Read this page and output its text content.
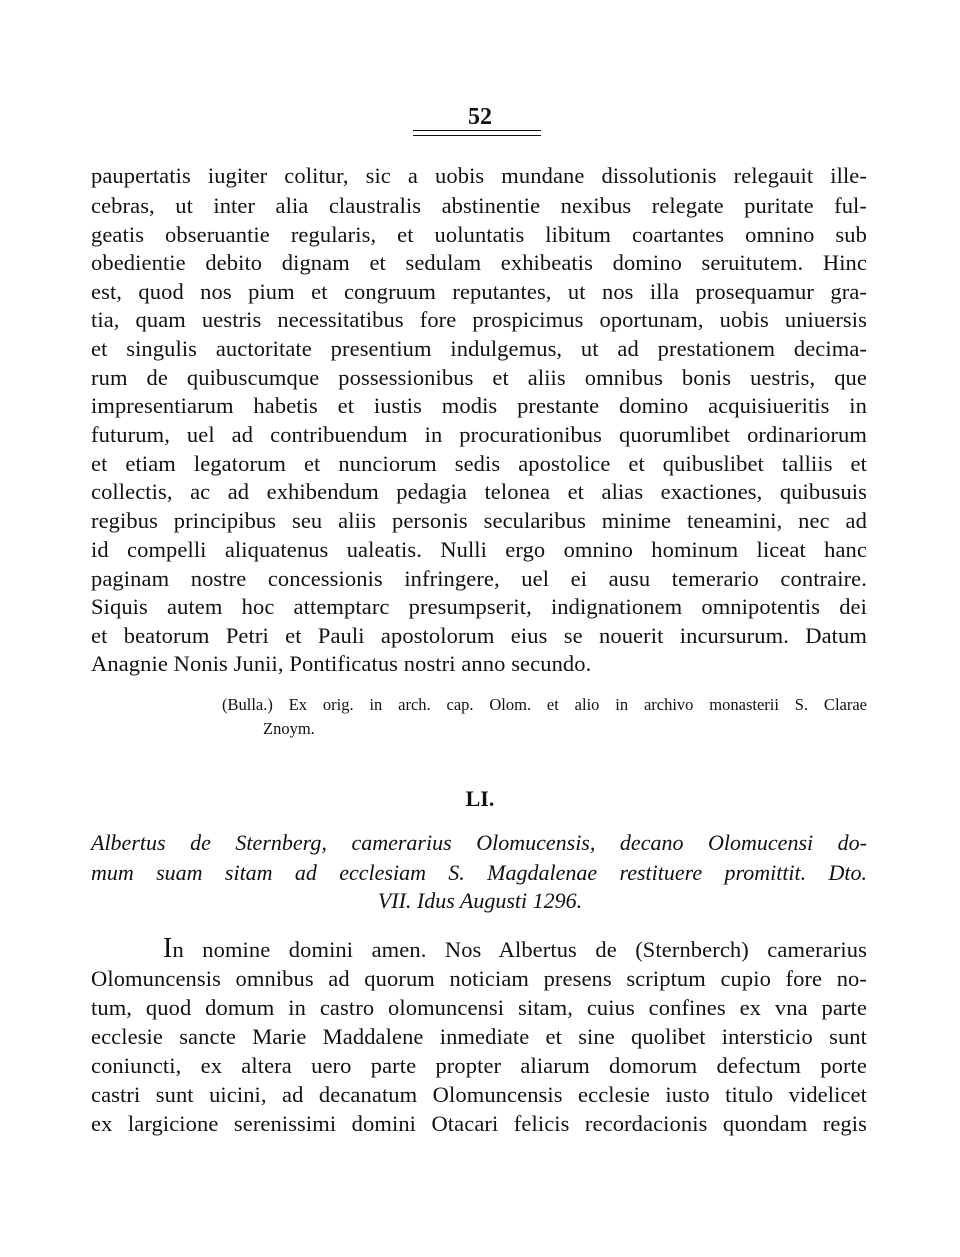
52
paupertatis iugiter colitur, sic a uobis mundane dissolutionis relegauit ille-
cebras, ut inter alia claustralis abstinentie nexibus relegate puritate ful-
geatis obseruantie regularis, et uoluntatis libitum coartantes omnino sub
obedientie debito dignam et sedulam exhibeatis domino seruitutem. Hinc
est, quod nos pium et congruum reputantes, ut nos illa prosequamur gra-
tia, quam uestris necessitatibus fore prospicimus oportunam, uobis uniuersis
et singulis auctoritate presentium indulgemus, ut ad prestationem decima-
rum de quibuscumque possessionibus et aliis omnibus bonis uestris, que
impresentiarum habetis et iustis modis prestante domino acquisiueritis in
futurum, uel ad contribuendum in procurationibus quorumlibet ordinariorum
et etiam legatorum et nunciorum sedis apostolice et quibuslibet talliis et
collectis, ac ad exhibendum pedagia telonea et alias exactiones, quibusuis
regibus principibus seu aliis personis secularibus minime teneamini, nec ad
id compelli aliquatenus ualeatis. Nulli ergo omnino hominum liceat hanc
paginam nostre concessionis infringere, uel ei ausu temerario contraire.
Siquis autem hoc attemptarc presumpserit, indignationem omnipotentis dei
et beatorum Petri et Pauli apostolorum eius se nouerit incursurum. Datum
Anagnie Nonis Junii, Pontificatus nostri anno secundo.
(Bulla.) Ex orig. in arch. cap. Olom. et alio in archivo monasterii S. Clarae
Znoym.
LI.
Albertus de Sternberg, camerarius Olomucensis, decano Olomucensi do-
mum suam sitam ad ecclesiam S. Magdalenae restituere promittit. Dto.
VII. Idus Augusti 1296.
In nomine domini amen. Nos Albertus de (Sternberch) camerarius
Olomuncensis omnibus ad quorum noticiam presens scriptum cupio fore no-
tum, quod domum in castro olomuncensi sitam, cuius confines ex vna parte
ecclesie sancte Marie Maddalene inmediate et sine quolibet intersticio sunt
coniuncti, ex altera uero parte propter aliarum domorum defectum porte
castri sunt uicini, ad decanatum Olomuncensis ecclesie iusto titulo videlicet
ex largicione serenissimi domini Otacari felicis recordacionis quondam regis
